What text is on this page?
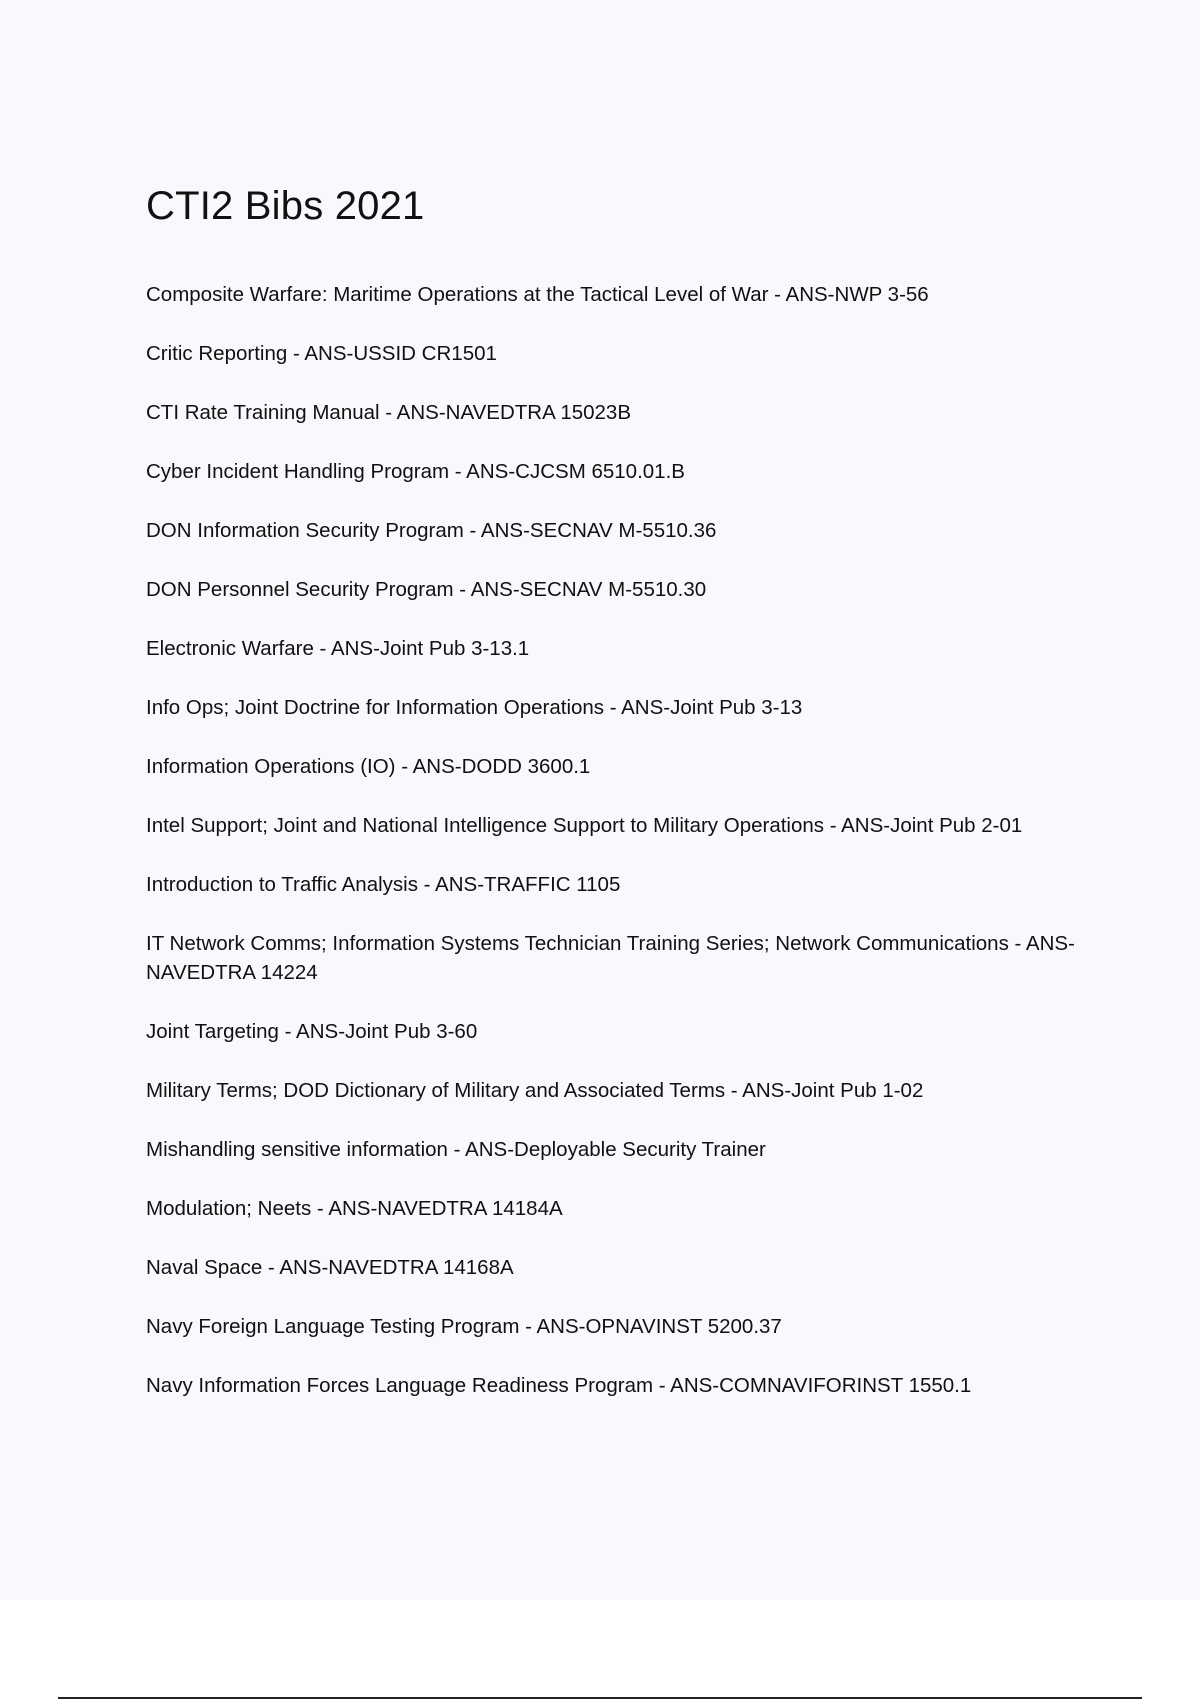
CTI2 Bibs 2021
Composite Warfare: Maritime Operations at the Tactical Level of War - ANS-NWP 3-56
Critic Reporting - ANS-USSID CR1501
CTI Rate Training Manual - ANS-NAVEDTRA 15023B
Cyber Incident Handling Program - ANS-CJCSM 6510.01.B
DON Information Security Program - ANS-SECNAV M-5510.36
DON Personnel Security Program - ANS-SECNAV M-5510.30
Electronic Warfare - ANS-Joint Pub 3-13.1
Info Ops; Joint Doctrine for Information Operations - ANS-Joint Pub 3-13
Information Operations (IO) - ANS-DODD 3600.1
Intel Support; Joint and National Intelligence Support to Military Operations - ANS-Joint Pub 2-01
Introduction to Traffic Analysis - ANS-TRAFFIC 1105
IT Network Comms; Information Systems Technician Training Series; Network Communications - ANS-NAVEDTRA 14224
Joint Targeting - ANS-Joint Pub 3-60
Military Terms; DOD Dictionary of Military and Associated Terms - ANS-Joint Pub 1-02
Mishandling sensitive information - ANS-Deployable Security Trainer
Modulation; Neets - ANS-NAVEDTRA 14184A
Naval Space - ANS-NAVEDTRA 14168A
Navy Foreign Language Testing Program - ANS-OPNAVINST 5200.37
Navy Information Forces Language Readiness Program - ANS-COMNAVIFORINST 1550.1
